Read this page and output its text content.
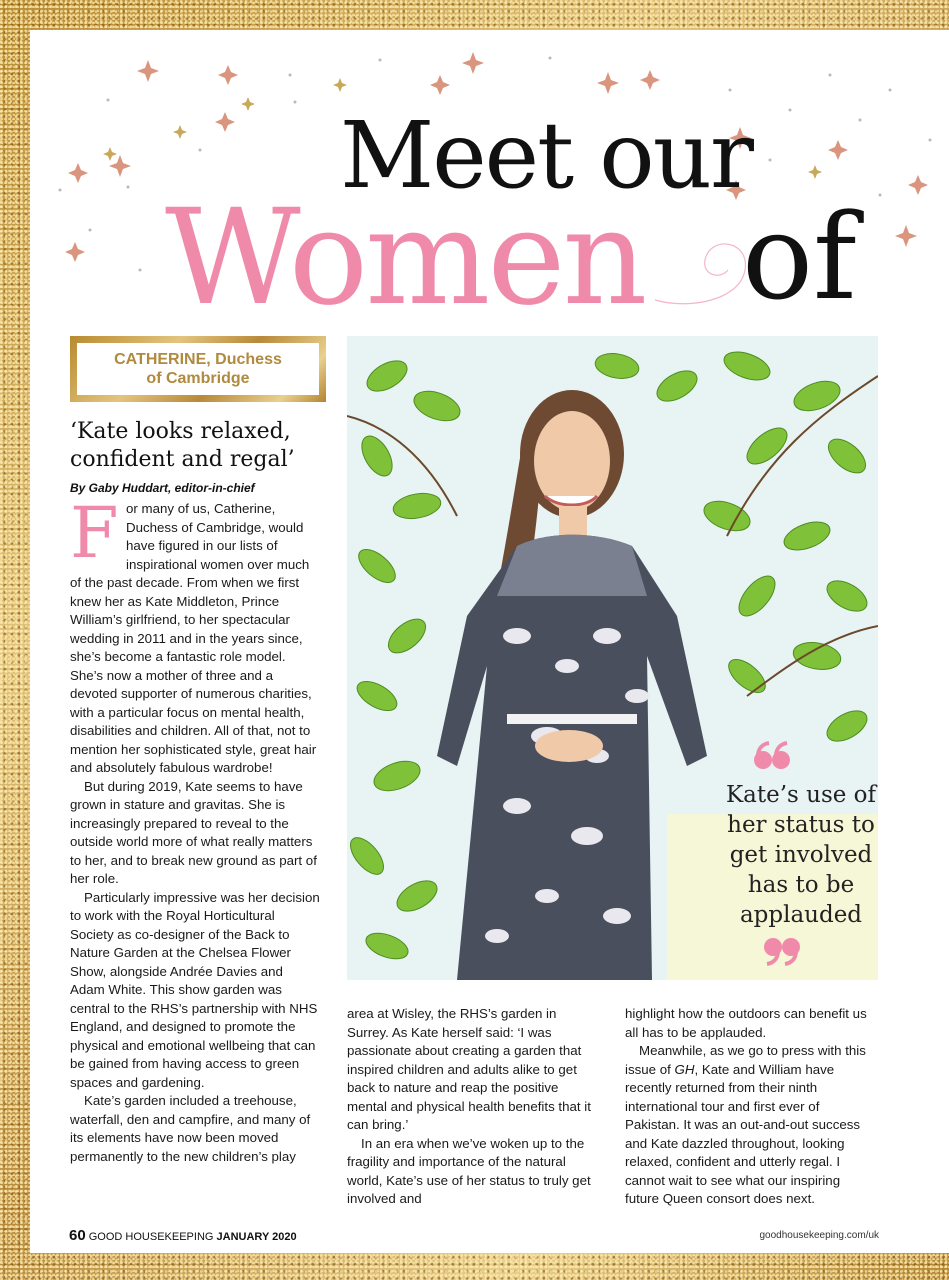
Meet our
Women of
CATHERINE, Duchess
of Cambridge
‘Kate looks relaxed,
confident and regal’
By Gaby Huddart, editor-in-chief

F or many of us, Catherine, Duchess of Cambridge, would have figured in our lists of inspirational women over much of the past decade. From when we first knew her as Kate Middleton, Prince William’s girlfriend, to her spectacular wedding in 2011 and in the years since, she’s become a fantastic role model. She’s now a mother of three and a devoted supporter of numerous charities, with a particular focus on mental health, disabilities and children. All of that, not to mention her sophisticated style, great hair and absolutely fabulous wardrobe!

But during 2019, Kate seems to have grown in stature and gravitas. She is increasingly prepared to reveal to the outside world more of what really matters to her, and to break new ground as part of her role.

Particularly impressive was her decision to work with the Royal Horticultural Society as co-designer of the Back to Nature Garden at the Chelsea Flower Show, alongside Andrée Davies and Adam White. This show garden was central to the RHS’s partnership with NHS England, and designed to promote the physical and emotional wellbeing that can be gained from having access to green spaces and gardening.

Kate’s garden included a treehouse, waterfall, den and campfire, and many of its elements have now been moved permanently to the new children’s play

Kate’s use of
her status to
get involved
has to be
applauded

area at Wisley, the RHS’s garden in Surrey. As Kate herself said: ‘I was passionate about creating a garden that inspired children and adults alike to get back to nature and reap the positive mental and physical health benefits that it can bring.’

In an era when we’ve woken up to the fragility and importance of the natural world, Kate’s use of her status to truly get involved and

highlight how the outdoors can benefit us all has to be applauded.

Meanwhile, as we go to press with this issue of GH, Kate and William have recently returned from their ninth international tour and first ever of Pakistan. It was an out-and-out success and Kate dazzled throughout, looking relaxed, confident and utterly regal. I cannot wait to see what our inspiring future Queen consort does next.

60 GOOD HOUSEKEEPING JANUARY 2020	goodhousekeeping.com/uk
